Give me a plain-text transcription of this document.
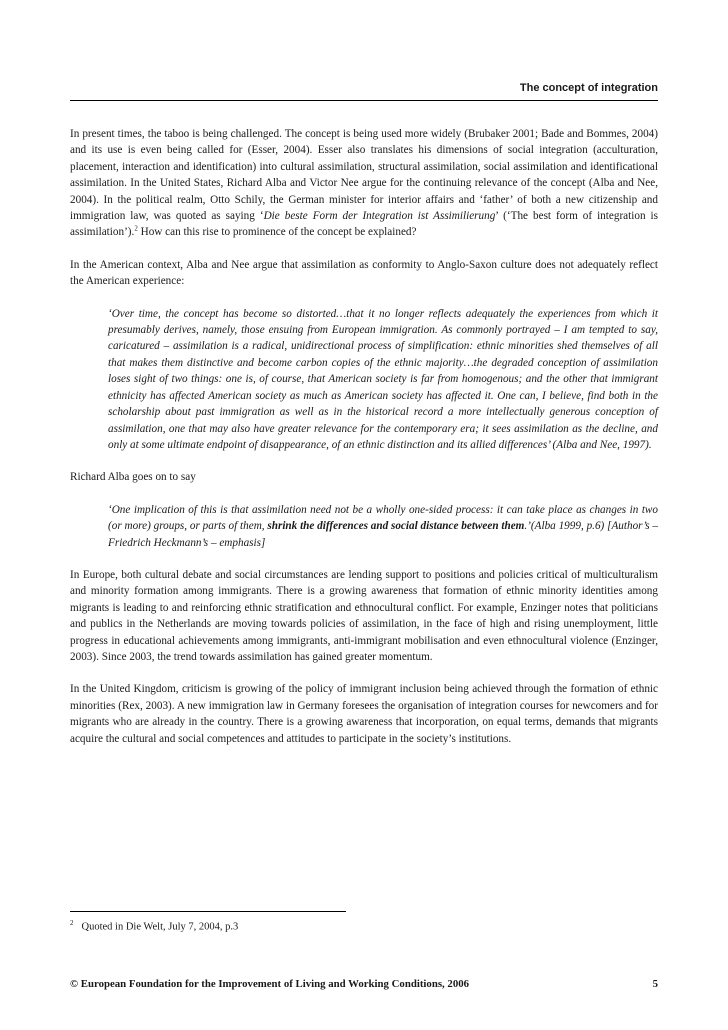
The concept of integration

In present times, the taboo is being challenged. The concept is being used more widely (Brubaker 2001; Bade and Bommes, 2004) and its use is even being called for (Esser, 2004). Esser also translates his dimensions of social integration (acculturation, placement, interaction and identification) into cultural assimilation, structural assimilation, social assimilation and identificational assimilation. In the United States, Richard Alba and Victor Nee argue for the continuing relevance of the concept (Alba and Nee, 2004). In the political realm, Otto Schily, the German minister for interior affairs and ‘father’ of both a new citizenship and immigration law, was quoted as saying ‘Die beste Form der Integration ist Assimilierung’ (‘The best form of integration is assimilation’).$^2$ How can this rise to prominence of the concept be explained?

In the American context, Alba and Nee argue that assimilation as conformity to Anglo-Saxon culture does not adequately reflect the American experience:

‘Over time, the concept has become so distorted…that it no longer reflects adequately the experiences from which it presumably derives, namely, those ensuing from European immigration. As commonly portrayed – I am tempted to say, caricatured – assimilation is a radical, unidirectional process of simplification: ethnic minorities shed themselves of all that makes them distinctive and become carbon copies of the ethnic majority…the degraded conception of assimilation loses sight of two things: one is, of course, that American society is far from homogenous; and the other that immigrant ethnicity has affected American society as much as American society has affected it. One can, I believe, find both in the scholarship about past immigration as well as in the historical record a more intellectually generous conception of assimilation, one that may also have greater relevance for the contemporary era; it sees assimilation as the decline, and only at some ultimate endpoint of disappearance, of an ethnic distinction and its allied differences’ (Alba and Nee, 1997).

Richard Alba goes on to say

‘One implication of this is that assimilation need not be a wholly one-sided process: it can take place as changes in two (or more) groups, or parts of them, shrink the differences and social distance between them.’(Alba 1999, p.6) [Author’s – Friedrich Heckmann’s – emphasis]

In Europe, both cultural debate and social circumstances are lending support to positions and policies critical of multiculturalism and minority formation among immigrants. There is a growing awareness that formation of ethnic minority identities among migrants is leading to and reinforcing ethnic stratification and ethnocultural conflict. For example, Enzinger notes that politicians and publics in the Netherlands are moving towards policies of assimilation, in the face of high and rising unemployment, little progress in educational achievements among immigrants, anti-immigrant mobilisation and even ethnocultural violence (Enzinger, 2003). Since 2003, the trend towards assimilation has gained greater momentum.

In the United Kingdom, criticism is growing of the policy of immigrant inclusion being achieved through the formation of ethnic minorities (Rex, 2003). A new immigration law in Germany foresees the organisation of integration courses for newcomers and for migrants who are already in the country. There is a growing awareness that incorporation, on equal terms, demands that migrants acquire the cultural and social competences and attitudes to participate in the society’s institutions.

$^2$ Quoted in Die Welt, July 7, 2004, p.3
© European Foundation for the Improvement of Living and Working Conditions, 2006	5
